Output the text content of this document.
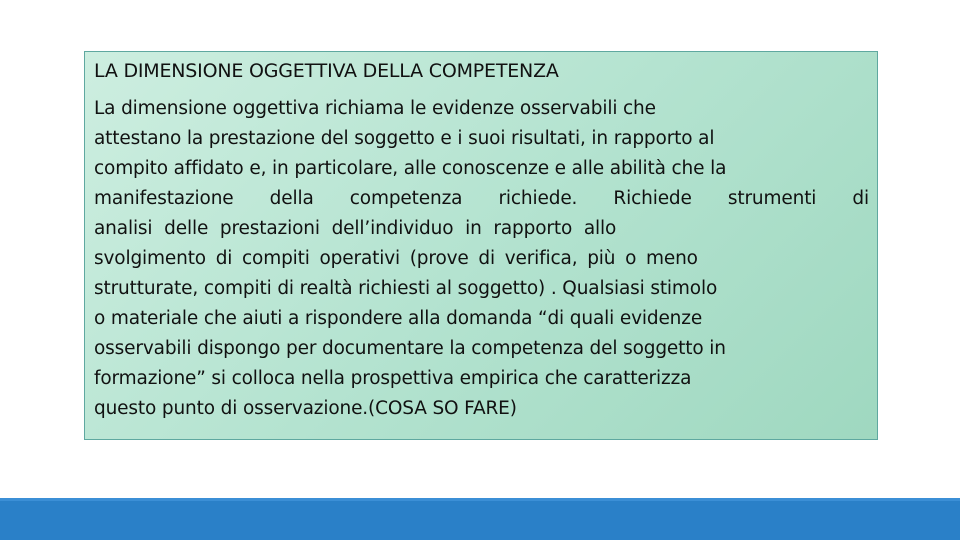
LA DIMENSIONE OGGETTIVA DELLA COMPETENZA
La dimensione oggettiva richiama le evidenze osservabili che
attestano la prestazione del soggetto e i suoi risultati, in rapporto al
compito affidato e, in particolare, alle conoscenze e alle abilità che la
manifestazione della competenza richiede. Richiede strumenti di
analisi delle prestazioni dell’individuo in rapporto allo
svolgimento di compiti operativi (prove di verifica, più o meno
strutturate, compiti di realtà richiesti al soggetto) . Qualsiasi stimolo
o materiale che aiuti a rispondere alla domanda “di quali evidenze
osservabili dispongo per documentare la competenza del soggetto in
formazione” si colloca nella prospettiva empirica che caratterizza
questo punto di osservazione.(COSA SO FARE)
